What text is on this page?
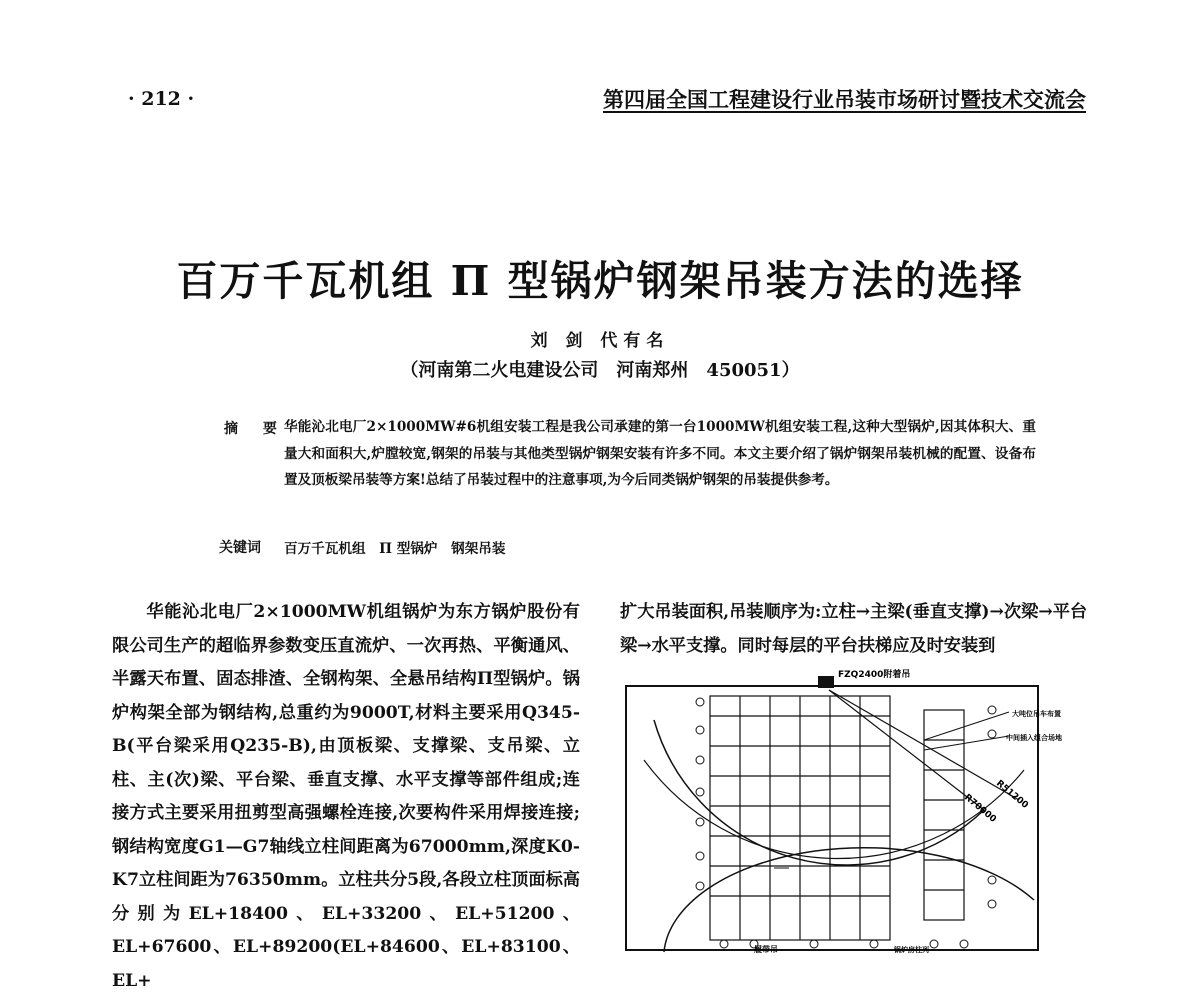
· 212 ·	第四届全国工程建设行业吊装市场研讨暨技术交流会
百万千瓦机组 Π 型锅炉钢架吊装方法的选择
刘 剑 代有名
（河南第二火电建设公司　河南郑州　450051）
摘 要
华能沁北电厂2×1000MW#6机组安装工程是我公司承建的第一台1000MW机组安装工程,这种大型锅炉,因其体积大、重量大和面积大,炉膛较宽,钢架的吊装与其他类型锅炉钢架安装有许多不同。本文主要介绍了锅炉钢架吊装机械的配置、设备布置及顶板梁吊装等方案!总结了吊装过程中的注意事项,为今后同类锅炉钢架的吊装提供参考。
关键词 百万千瓦机组　Π 型锅炉　钢架吊装

华能沁北电厂2×1000MW机组锅炉为东方锅炉股份有限公司生产的超临界参数变压直流炉、一次再热、平衡通风、半露天布置、固态排渣、全钢构架、全悬吊结构Π型锅炉。锅炉构架全部为钢结构,总重约为9000T,材料主要采用Q345-B(平台梁采用Q235-B),由顶板梁、支撑梁、支吊梁、立柱、主(次)梁、平台梁、垂直支撑、水平支撑等部件组成;连接方式主要采用扭剪型高强螺栓连接,次要构件采用焊接连接;钢结构宽度G1—G7轴线立柱间距离为67000mm,深度K0-K7立柱间距为76350mm。立柱共分5段,各段立柱顶面标高分别为EL+18400、EL+33200、EL+51200、EL+67600、EL+89200(EL+84600、EL+83100、EL+

扩大吊装面积,吊装顺序为:立柱→主梁(垂直支撑)→次梁→平台梁→水平支撑。同时每层的平台扶梯应及时安装到

FZQ2400附着吊
大吨位吊车布置
中间插入组合场地
R51200
R70000
履带吊	锅炉房柱列
